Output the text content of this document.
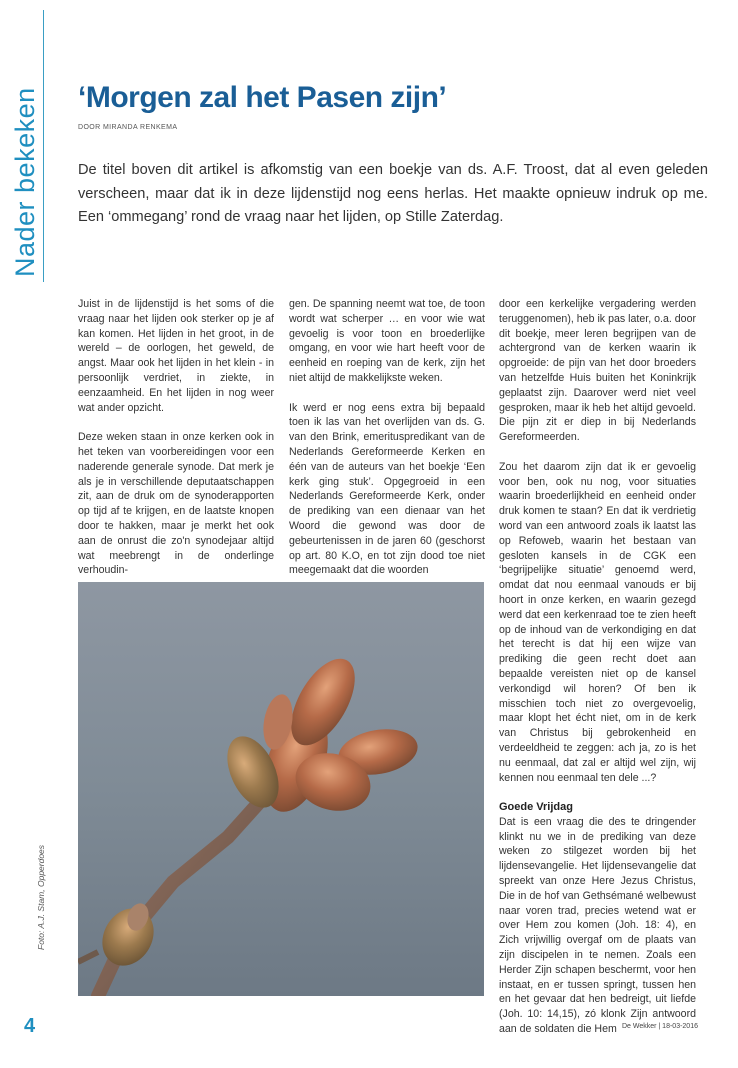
Nader bekeken ‘Morgen zal het Pasen zijn’
DOOR MIRANDA RENKEMA

De titel boven dit artikel is afkomstig van een boekje van ds. A.F. Troost, dat al even geleden verscheen, maar dat ik in deze lijdenstijd nog eens herlas. Het maakte opnieuw indruk op me. Een ‘ommegang’ rond de vraag naar het lijden, op Stille Zaterdag.

Juist in de lijdenstijd is het soms of die vraag naar het lijden ook sterker op je af kan komen. Het lijden in het groot, in de wereld – de oorlogen, het geweld, de angst. Maar ook het lijden in het klein - in persoonlijk verdriet, in ziekte, in eenzaamheid. En het lijden in nog weer wat ander opzicht.

Deze weken staan in onze kerken ook in het teken van voorbereidingen voor een naderende generale synode. Dat merk je als je in verschillende deputaatschappen zit, aan de druk om de synoderapporten op tijd af te krijgen, en de laatste knopen door te hakken, maar je merkt het ook aan de onrust die zo'n synodejaar altijd wat meebrengt in de onderlinge verhoudin-

gen. De spanning neemt wat toe, de toon wordt wat scherper … en voor wie wat gevoelig is voor toon en broederlijke omgang, en voor wie hart heeft voor de eenheid en roeping van de kerk, zijn het niet altijd de makkelijkste weken.

Ik werd er nog eens extra bij bepaald toen ik las van het overlijden van ds. G. van den Brink, emerituspredikant van de Nederlands Gereformeerde Kerken en één van de auteurs van het boekje ‘Een kerk ging stuk’. Opgegroeid in een Nederlands Gereformeerde Kerk, onder de prediking van een dienaar van het Woord die gewond was door de gebeurtenissen in de jaren 60 (geschorst op art. 80 K.O, en tot zijn dood toe niet meegemaakt dat die woorden

door een kerkelijke vergadering werden teruggenomen), heb ik pas later, o.a. door dit boekje, meer leren begrijpen van de achtergrond van de kerken waarin ik opgroeide: de pijn van het door broeders van hetzelfde Huis buiten het Koninkrijk geplaatst zijn. Daarover werd niet veel gesproken, maar ik heb het altijd gevoeld. Die pijn zit er diep in bij Nederlands Gereformeerden.

Zou het daarom zijn dat ik er gevoelig voor ben, ook nu nog, voor situaties waarin broederlijkheid en eenheid onder druk komen te staan? En dat ik verdrietig word van een antwoord zoals ik laatst las op Refoweb, waarin het bestaan van gesloten kansels in de CGK een ‘begrijpelijke situatie’ genoemd werd, omdat dat nou eenmaal vanouds er bij hoort in onze kerken, en waarin gezegd werd dat een kerkenraad toe te zien heeft op de inhoud van de verkondiging en dat het terecht is dat hij een wijze van prediking die geen recht doet aan bepaalde vereisten niet op de kansel verkondigd wil horen? Of ben ik misschien toch niet zo overgevoelig, maar klopt het écht niet, om in de kerk van Christus bij gebrokenheid en verdeeldheid te zeggen: ach ja, zo is het nu eenmaal, dat zal er altijd wel zijn, wij kennen nou eenmaal ten dele ...?

Goede Vrijdag

Dat is een vraag die des te dringender klinkt nu we in de prediking van deze weken zo stilgezet worden bij het lijdensevangelie. Het lijdensevangelie dat spreekt van onze Here Jezus Christus, Die in de hof van Gethsémané welbewust naar voren trad, precies wetend wat er over Hem zou komen (Joh. 18: 4), en Zich vrijwillig overgaf om de plaats van zijn discipelen in te nemen. Zoals een Herder Zijn schapen beschermt, voor hen instaat, en er tussen springt, tussen hen en het gevaar dat hen bedreigt, uit liefde (Joh. 10: 14,15), zó klonk Zijn antwoord aan de soldaten die Hem

Foto: A.J. Stam, Opperdoes
4	De Wekker | 18-03-2016
